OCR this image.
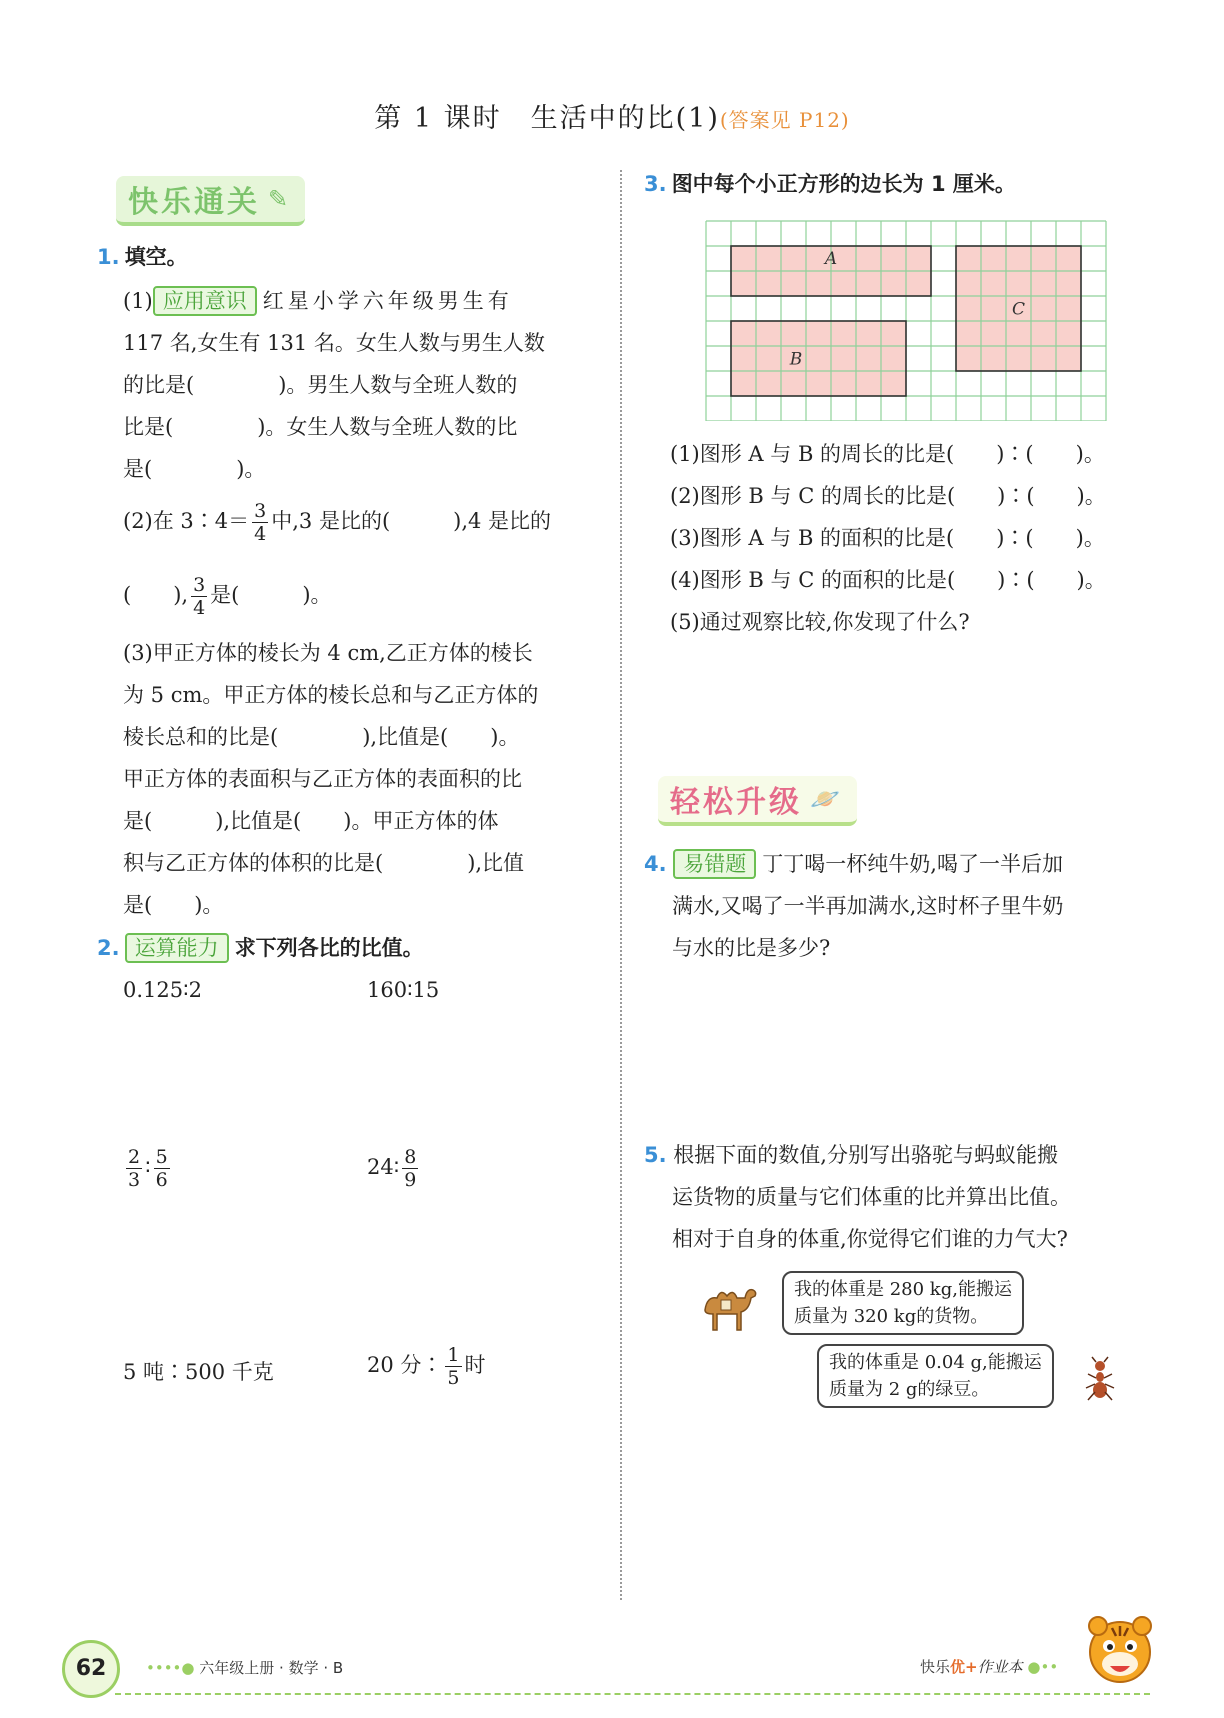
第 1 课时　生活中的比(1)(答案见 P12)
快乐通关 ✎
1. 填空。
(1) 应用意识 红星小学六年级男生有
117 名,女生有 131 名。女生人数与男生人数
的比是(　　　　)。男生人数与全班人数的
比是(　　　　)。女生人数与全班人数的比
是(　　　　)。
(2)在 3∶4＝ $\frac{3}{4}$ 中,3 是比的(　　　),4 是比的
(　　), $\frac{3}{4}$ 是(　　　)。
(3)甲正方体的棱长为 4 cm,乙正方体的棱长
为 5 cm。甲正方体的棱长总和与乙正方体的
棱长总和的比是(　　　　),比值是(　　)。
甲正方体的表面积与乙正方体的表面积的比
是(　　　),比值是(　　)。甲正方体的体
积与乙正方体的体积的比是(　　　　),比值
是(　　)。
2. 运算能力 求下列各比的比值。
0.125∶2	160∶15
$\frac{2}{3}$ ∶ $\frac{5}{6}$	24∶ $\frac{8}{9}$
5 吨∶500 千克	20 分∶ $\frac{1}{5}$ 时
3. 图中每个小正方形的边长为 1 厘米。
A
B
C
(1)图形 A 与 B 的周长的比是(　　)∶(　　)。
(2)图形 B 与 C 的周长的比是(　　)∶(　　)。
(3)图形 A 与 B 的面积的比是(　　)∶(　　)。
(4)图形 B 与 C 的面积的比是(　　)∶(　　)。
(5)通过观察比较,你发现了什么?
轻松升级 🪐
4. 易错题 丁丁喝一杯纯牛奶,喝了一半后加
满水,又喝了一半再加满水,这时杯子里牛奶
与水的比是多少?
5. 根据下面的数值,分别写出骆驼与蚂蚁能搬
运货物的质量与它们体重的比并算出比值。
相对于自身的体重,你觉得它们谁的力气大?
我的体重是 280 kg,能搬运
质量为 320 kg的货物。
我的体重是 0.04 g,能搬运
质量为 2 g的绿豆。
62	••••● 六年级上册 · 数学 · B	快乐优+作业本 ●••
